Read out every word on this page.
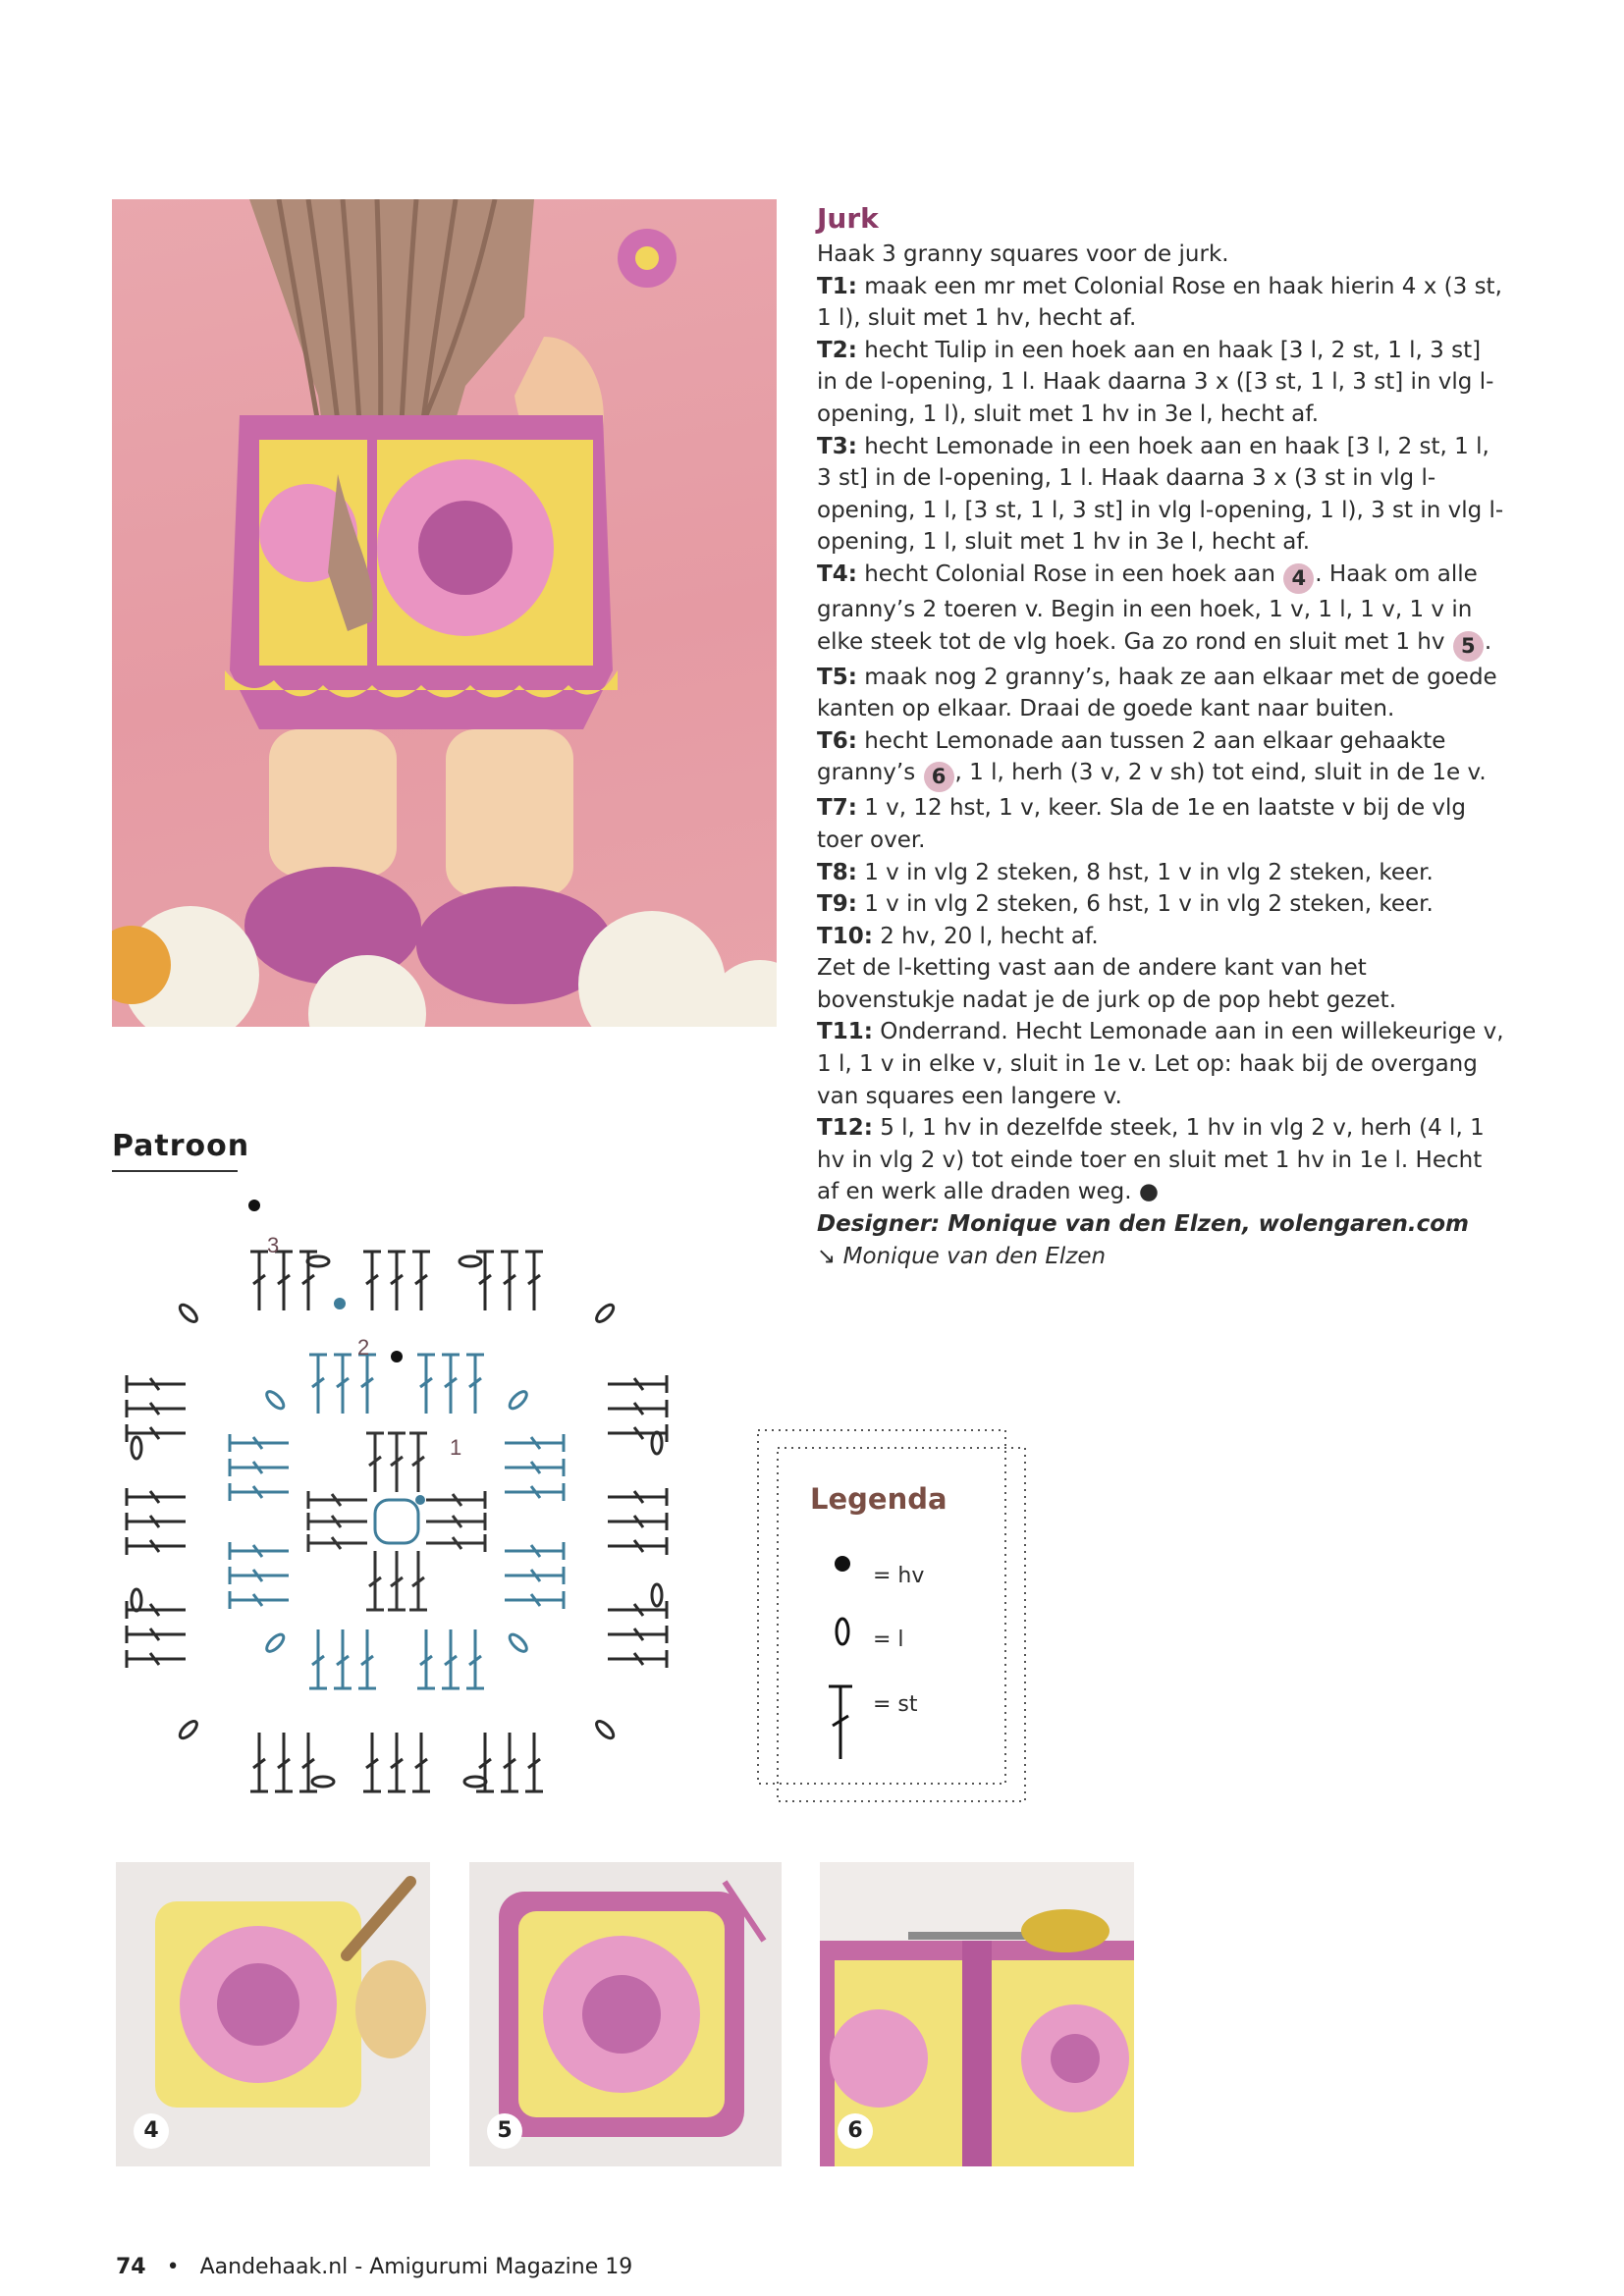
Jurk

Haak 3 granny squares voor de jurk.

T1: maak een mr met Colonial Rose en haak hierin 4 x (3 st, 1 l), sluit met 1 hv, hecht af.

T2: hecht Tulip in een hoek aan en haak [3 l, 2 st, 1 l, 3 st] in de l-opening, 1 l. Haak daarna 3 x ([3 st, 1 l, 3 st] in vlg l-opening, 1 l), sluit met 1 hv in 3e l, hecht af.

T3: hecht Lemonade in een hoek aan en haak [3 l, 2 st, 1 l, 3 st] in de l-opening, 1 l. Haak daarna 3 x (3 st in vlg l-opening, 1 l, [3 st, 1 l, 3 st] in vlg l-opening, 1 l), 3 st in vlg l-opening, 1 l, sluit met 1 hv in 3e l, hecht af.

T4: hecht Colonial Rose in een hoek aan 4 . Haak om alle granny’s 2 toeren v. Begin in een hoek, 1 v, 1 l, 1 v, 1 v in elke steek tot de vlg hoek. Ga zo rond en sluit met 1 hv 5 .

T5: maak nog 2 granny’s, haak ze aan elkaar met de goede kanten op elkaar. Draai de goede kant naar buiten.

T6: hecht Lemonade aan tussen 2 aan elkaar gehaakte granny’s 6 , 1 l, herh (3 v, 2 v sh) tot eind, sluit in de 1e v.

T7: 1 v, 12 hst, 1 v, keer. Sla de 1e en laatste v bij de vlg toer over.

T8: 1 v in vlg 2 steken, 8 hst, 1 v in vlg 2 steken, keer.

T9: 1 v in vlg 2 steken, 6 hst, 1 v in vlg 2 steken, keer.

T10: 2 hv, 20 l, hecht af.

Zet de l-ketting vast aan de andere kant van het bovenstukje nadat je de jurk op de pop hebt gezet.

T11: Onderrand. Hecht Lemonade aan in een willekeurige v, 1 l, 1 v in elke v, sluit in 1e v. Let op: haak bij de overgang van squares een langere v.

T12: 5 l, 1 hv in dezelfde steek, 1 hv in vlg 2 v, herh (4 l, 1 hv in vlg 2 v) tot einde toer en sluit met 1 hv in 1e l. Hecht af en werk alle draden weg. ●

Designer: Monique van den Elzen, wolengaren.com

↘ Monique van den Elzen

Patroon
1
2
3
Legenda
= hv
= l
= st
4	5	6
74 • Aandehaak.nl - Amigurumi Magazine 19
